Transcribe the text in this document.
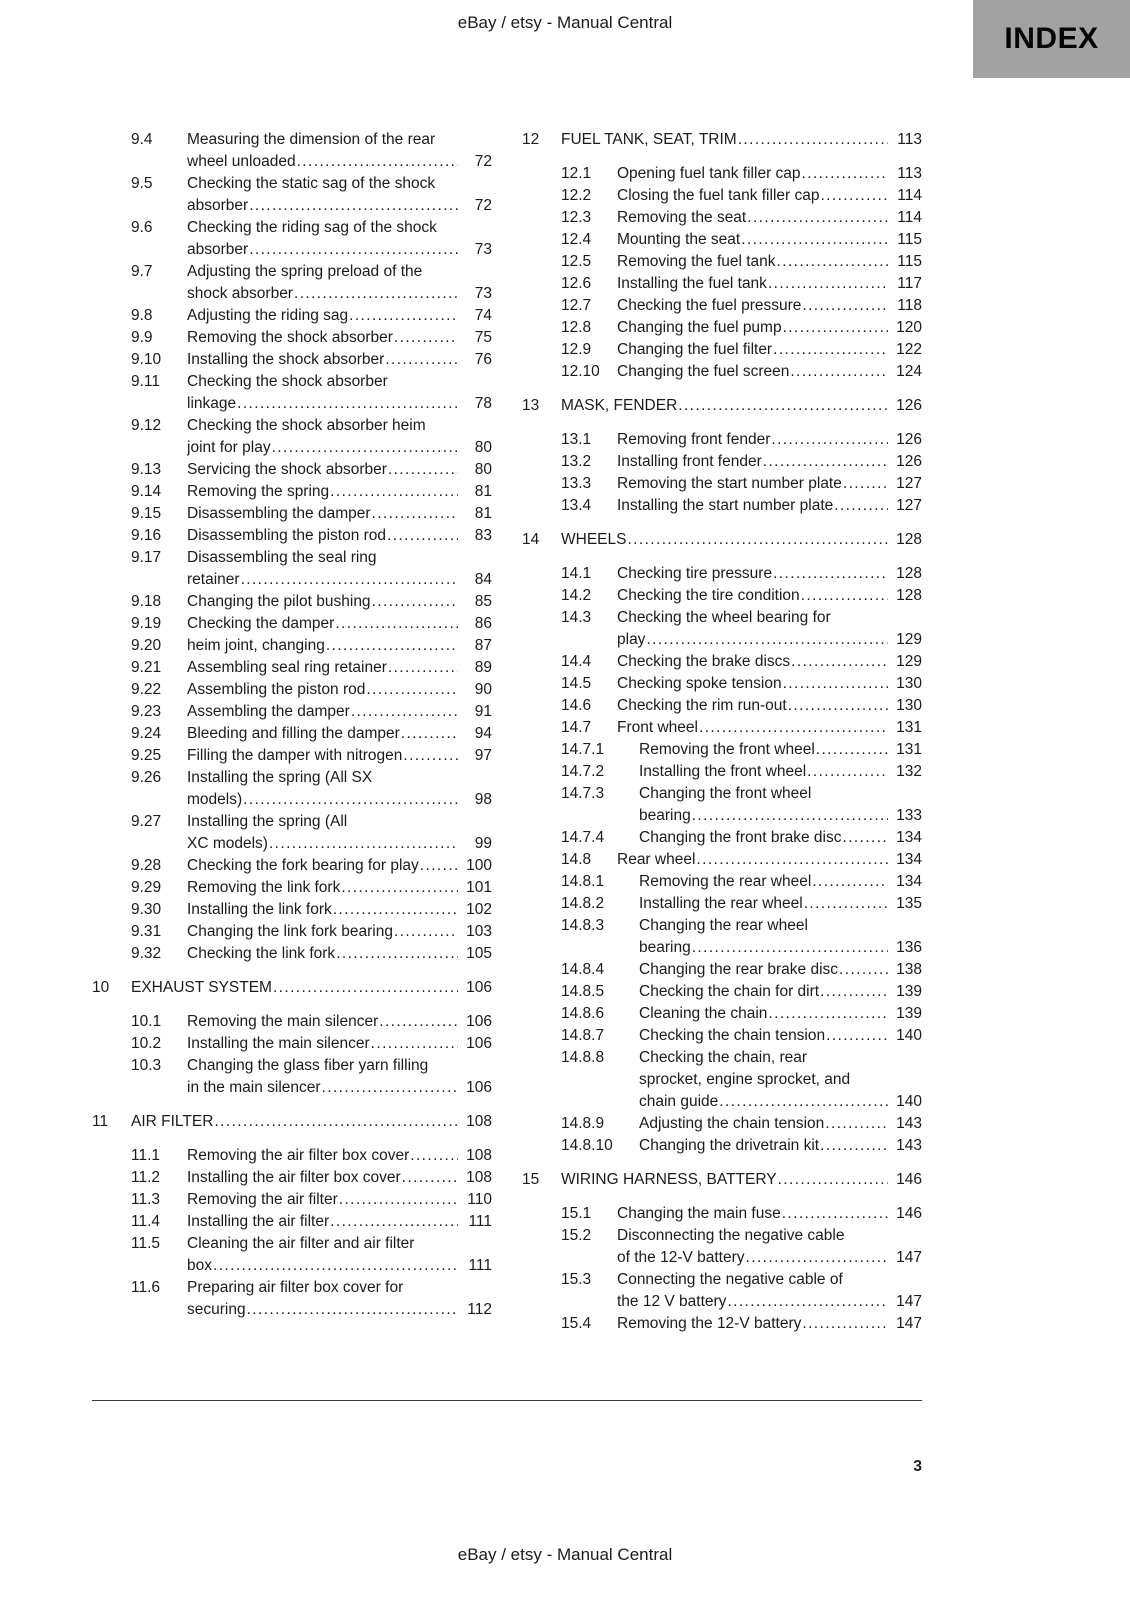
eBay / etsy - Manual Central	INDEX
9.4	Measuring the dimension of the rear
wheel unloaded .....	72
9.5	Checking the static sag of the shock
absorber .....	72
9.6	Checking the riding sag of the shock
absorber .....	73
9.7	Adjusting the spring preload of the
shock absorber .....	73
9.8	Adjusting the riding sag .....	74
9.9	Removing the shock absorber .....	75
9.10	Installing the shock absorber .....	76
9.11	Checking the shock absorber
linkage .....	78
9.12	Checking the shock absorber heim
joint for play .....	80
9.13	Servicing the shock absorber .....	80
9.14	Removing the spring .....	81
9.15	Disassembling the damper .....	81
9.16	Disassembling the piston rod .....	83
9.17	Disassembling the seal ring
retainer .....	84
9.18	Changing the pilot bushing .....	85
9.19	Checking the damper .....	86
9.20	heim joint, changing .....	87
9.21	Assembling seal ring retainer .....	89
9.22	Assembling the piston rod .....	90
9.23	Assembling the damper .....	91
9.24	Bleeding and filling the damper .....	94
9.25	Filling the damper with nitrogen .....	97
9.26	Installing the spring (All SX
models) .....	98
9.27	Installing the spring (All
XC models) .....	99
9.28	Checking the fork bearing for play .....	100
9.29	Removing the link fork .....	101
9.30	Installing the link fork .....	102
9.31	Changing the link fork bearing .....	103
9.32	Checking the link fork .....	105
10	EXHAUST SYSTEM .....	106
10.1	Removing the main silencer .....	106
10.2	Installing the main silencer .....	106
10.3	Changing the glass fiber yarn filling
in the main silencer .....	106
11	AIR FILTER .....	108
11.1	Removing the air filter box cover .....	108
11.2	Installing the air filter box cover .....	108
11.3	Removing the air filter .....	110
11.4	Installing the air filter .....	111
11.5	Cleaning the air filter and air filter
box .....	111
11.6	Preparing air filter box cover for
securing .....	112
12	FUEL TANK, SEAT, TRIM .....	113
12.1	Opening fuel tank filler cap .....	113
12.2	Closing the fuel tank filler cap .....	114
12.3	Removing the seat .....	114
12.4	Mounting the seat .....	115
12.5	Removing the fuel tank .....	115
12.6	Installing the fuel tank .....	117
12.7	Checking the fuel pressure .....	118
12.8	Changing the fuel pump .....	120
12.9	Changing the fuel filter .....	122
12.10	Changing the fuel screen .....	124
13	MASK, FENDER .....	126
13.1	Removing front fender .....	126
13.2	Installing front fender .....	126
13.3	Removing the start number plate .....	127
13.4	Installing the start number plate .....	127
14	WHEELS .....	128
14.1	Checking tire pressure .....	128
14.2	Checking the tire condition .....	128
14.3	Checking the wheel bearing for
play .....	129
14.4	Checking the brake discs .....	129
14.5	Checking spoke tension .....	130
14.6	Checking the rim run-out .....	130
14.7	Front wheel .....	131
14.7.1	Removing the front wheel .....	131
14.7.2	Installing the front wheel .....	132
14.7.3	Changing the front wheel
bearing .....	133
14.7.4	Changing the front brake disc .....	134
14.8	Rear wheel .....	134
14.8.1	Removing the rear wheel .....	134
14.8.2	Installing the rear wheel .....	135
14.8.3	Changing the rear wheel
bearing .....	136
14.8.4	Changing the rear brake disc .....	138
14.8.5	Checking the chain for dirt .....	139
14.8.6	Cleaning the chain .....	139
14.8.7	Checking the chain tension .....	140
14.8.8	Checking the chain, rear
sprocket, engine sprocket, and
chain guide .....	140
14.8.9	Adjusting the chain tension .....	143
14.8.10	Changing the drivetrain kit .....	143
15	WIRING HARNESS, BATTERY .....	146
15.1	Changing the main fuse .....	146
15.2	Disconnecting the negative cable
of the 12-V battery .....	147
15.3	Connecting the negative cable of
the 12 V battery .....	147
15.4	Removing the 12-V battery .....	147
3
eBay / etsy - Manual Central
